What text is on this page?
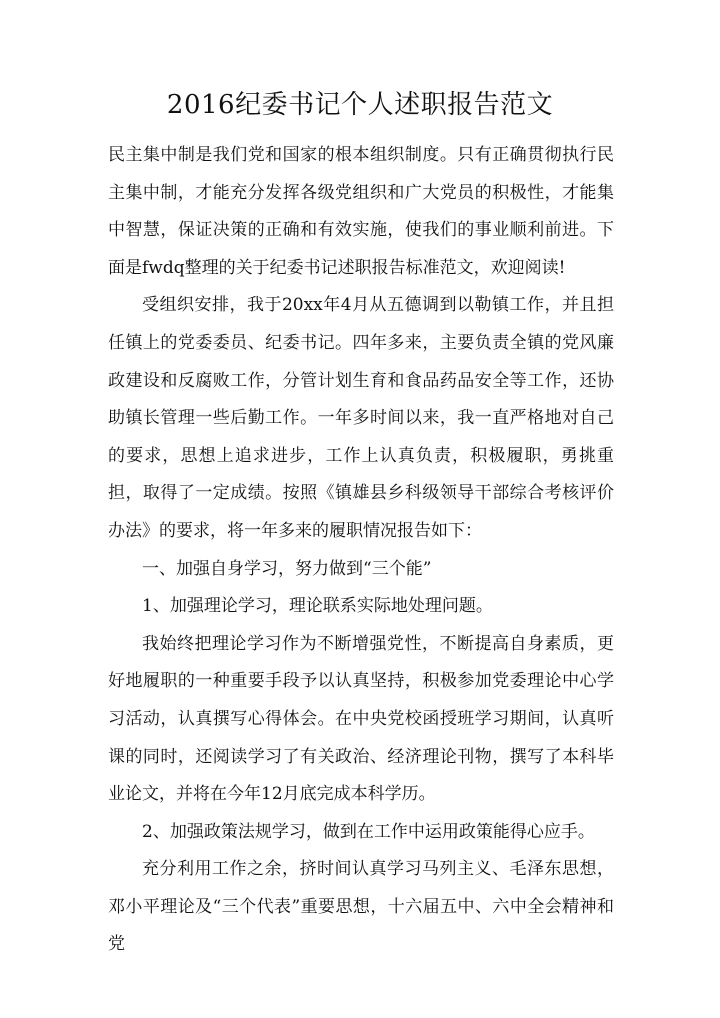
2016纪委书记个人述职报告范文

民主集中制是我们党和国家的根本组织制度。只有正确贯彻执行民主集中制，才能充分发挥各级党组织和广大党员的积极性，才能集中智慧，保证决策的正确和有效实施，使我们的事业顺利前进。下面是fwdq整理的关于纪委书记述职报告标准范文，欢迎阅读!

受组织安排，我于20xx年4月从五德调到以勒镇工作，并且担任镇上的党委委员、纪委书记。四年多来，主要负责全镇的党风廉政建设和反腐败工作，分管计划生育和食品药品安全等工作，还协助镇长管理一些后勤工作。一年多时间以来，我一直严格地对自己的要求，思想上追求进步，工作上认真负责，积极履职，勇挑重担，取得了一定成绩。按照《镇雄县乡科级领导干部综合考核评价办法》的要求，将一年多来的履职情况报告如下：

一、加强自身学习，努力做到“三个能”

1、加强理论学习，理论联系实际地处理问题。

我始终把理论学习作为不断增强党性，不断提高自身素质，更好地履职的一种重要手段予以认真坚持，积极参加党委理论中心学习活动，认真撰写心得体会。在中央党校函授班学习期间，认真听课的同时，还阅读学习了有关政治、经济理论刊物，撰写了本科毕业论文，并将在今年12月底完成本科学历。

2、加强政策法规学习，做到在工作中运用政策能得心应手。

充分利用工作之余，挤时间认真学习马列主义、毛泽东思想，邓小平理论及“三个代表”重要思想，十六届五中、六中全会精神和党
